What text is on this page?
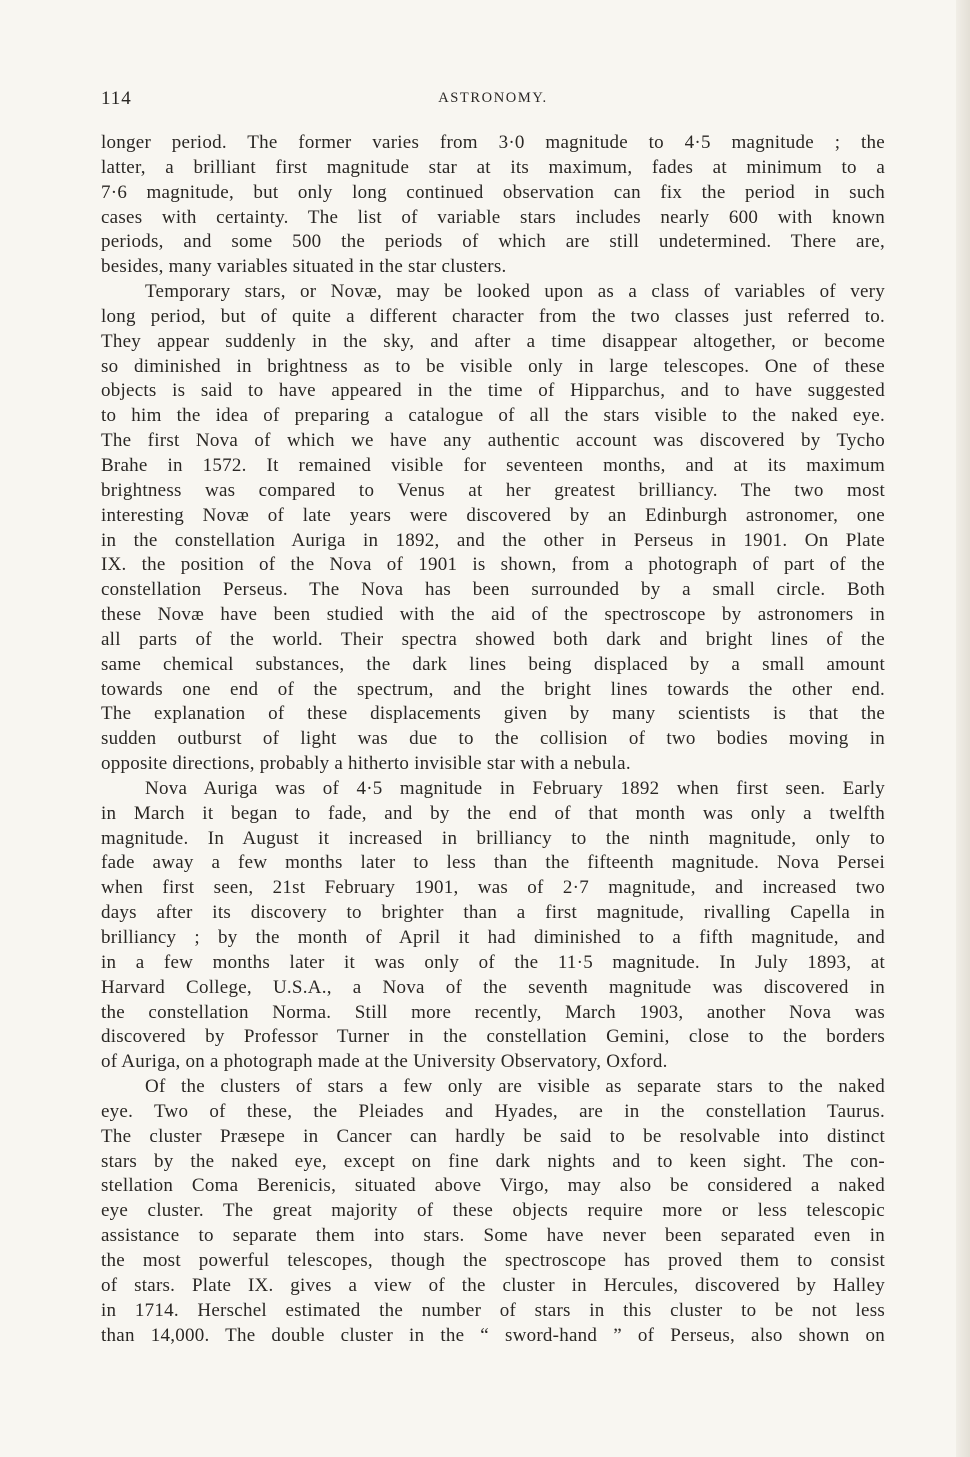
114	ASTRONOMY.
longer period. The former varies from 3·0 magnitude to 4·5 magnitude ; the
latter, a brilliant first magnitude star at its maximum, fades at minimum to a
7·6 magnitude, but only long continued observation can fix the period in such
cases with certainty. The list of variable stars includes nearly 600 with known
periods, and some 500 the periods of which are still undetermined. There are,
besides, many variables situated in the star clusters.
Temporary stars, or Novæ, may be looked upon as a class of variables of very
long period, but of quite a different character from the two classes just referred to.
They appear suddenly in the sky, and after a time disappear altogether, or become
so diminished in brightness as to be visible only in large telescopes. One of these
objects is said to have appeared in the time of Hipparchus, and to have suggested
to him the idea of preparing a catalogue of all the stars visible to the naked eye.
The first Nova of which we have any authentic account was discovered by Tycho
Brahe in 1572. It remained visible for seventeen months, and at its maximum
brightness was compared to Venus at her greatest brilliancy. The two most
interesting Novæ of late years were discovered by an Edinburgh astronomer, one
in the constellation Auriga in 1892, and the other in Perseus in 1901. On Plate
IX. the position of the Nova of 1901 is shown, from a photograph of part of the
constellation Perseus. The Nova has been surrounded by a small circle. Both
these Novæ have been studied with the aid of the spectroscope by astronomers in
all parts of the world. Their spectra showed both dark and bright lines of the
same chemical substances, the dark lines being displaced by a small amount
towards one end of the spectrum, and the bright lines towards the other end.
The explanation of these displacements given by many scientists is that the
sudden outburst of light was due to the collision of two bodies moving in
opposite directions, probably a hitherto invisible star with a nebula.
Nova Auriga was of 4·5 magnitude in February 1892 when first seen. Early
in March it began to fade, and by the end of that month was only a twelfth
magnitude. In August it increased in brilliancy to the ninth magnitude, only to
fade away a few months later to less than the fifteenth magnitude. Nova Persei
when first seen, 21st February 1901, was of 2·7 magnitude, and increased two
days after its discovery to brighter than a first magnitude, rivalling Capella in
brilliancy ; by the month of April it had diminished to a fifth magnitude, and
in a few months later it was only of the 11·5 magnitude. In July 1893, at
Harvard College, U.S.A., a Nova of the seventh magnitude was discovered in
the constellation Norma. Still more recently, March 1903, another Nova was
discovered by Professor Turner in the constellation Gemini, close to the borders
of Auriga, on a photograph made at the University Observatory, Oxford.
Of the clusters of stars a few only are visible as separate stars to the naked
eye. Two of these, the Pleiades and Hyades, are in the constellation Taurus.
The cluster Præsepe in Cancer can hardly be said to be resolvable into distinct
stars by the naked eye, except on fine dark nights and to keen sight. The con-
stellation Coma Berenicis, situated above Virgo, may also be considered a naked
eye cluster. The great majority of these objects require more or less telescopic
assistance to separate them into stars. Some have never been separated even in
the most powerful telescopes, though the spectroscope has proved them to consist
of stars. Plate IX. gives a view of the cluster in Hercules, discovered by Halley
in 1714. Herschel estimated the number of stars in this cluster to be not less
than 14,000. The double cluster in the “ sword-hand ” of Perseus, also shown on
